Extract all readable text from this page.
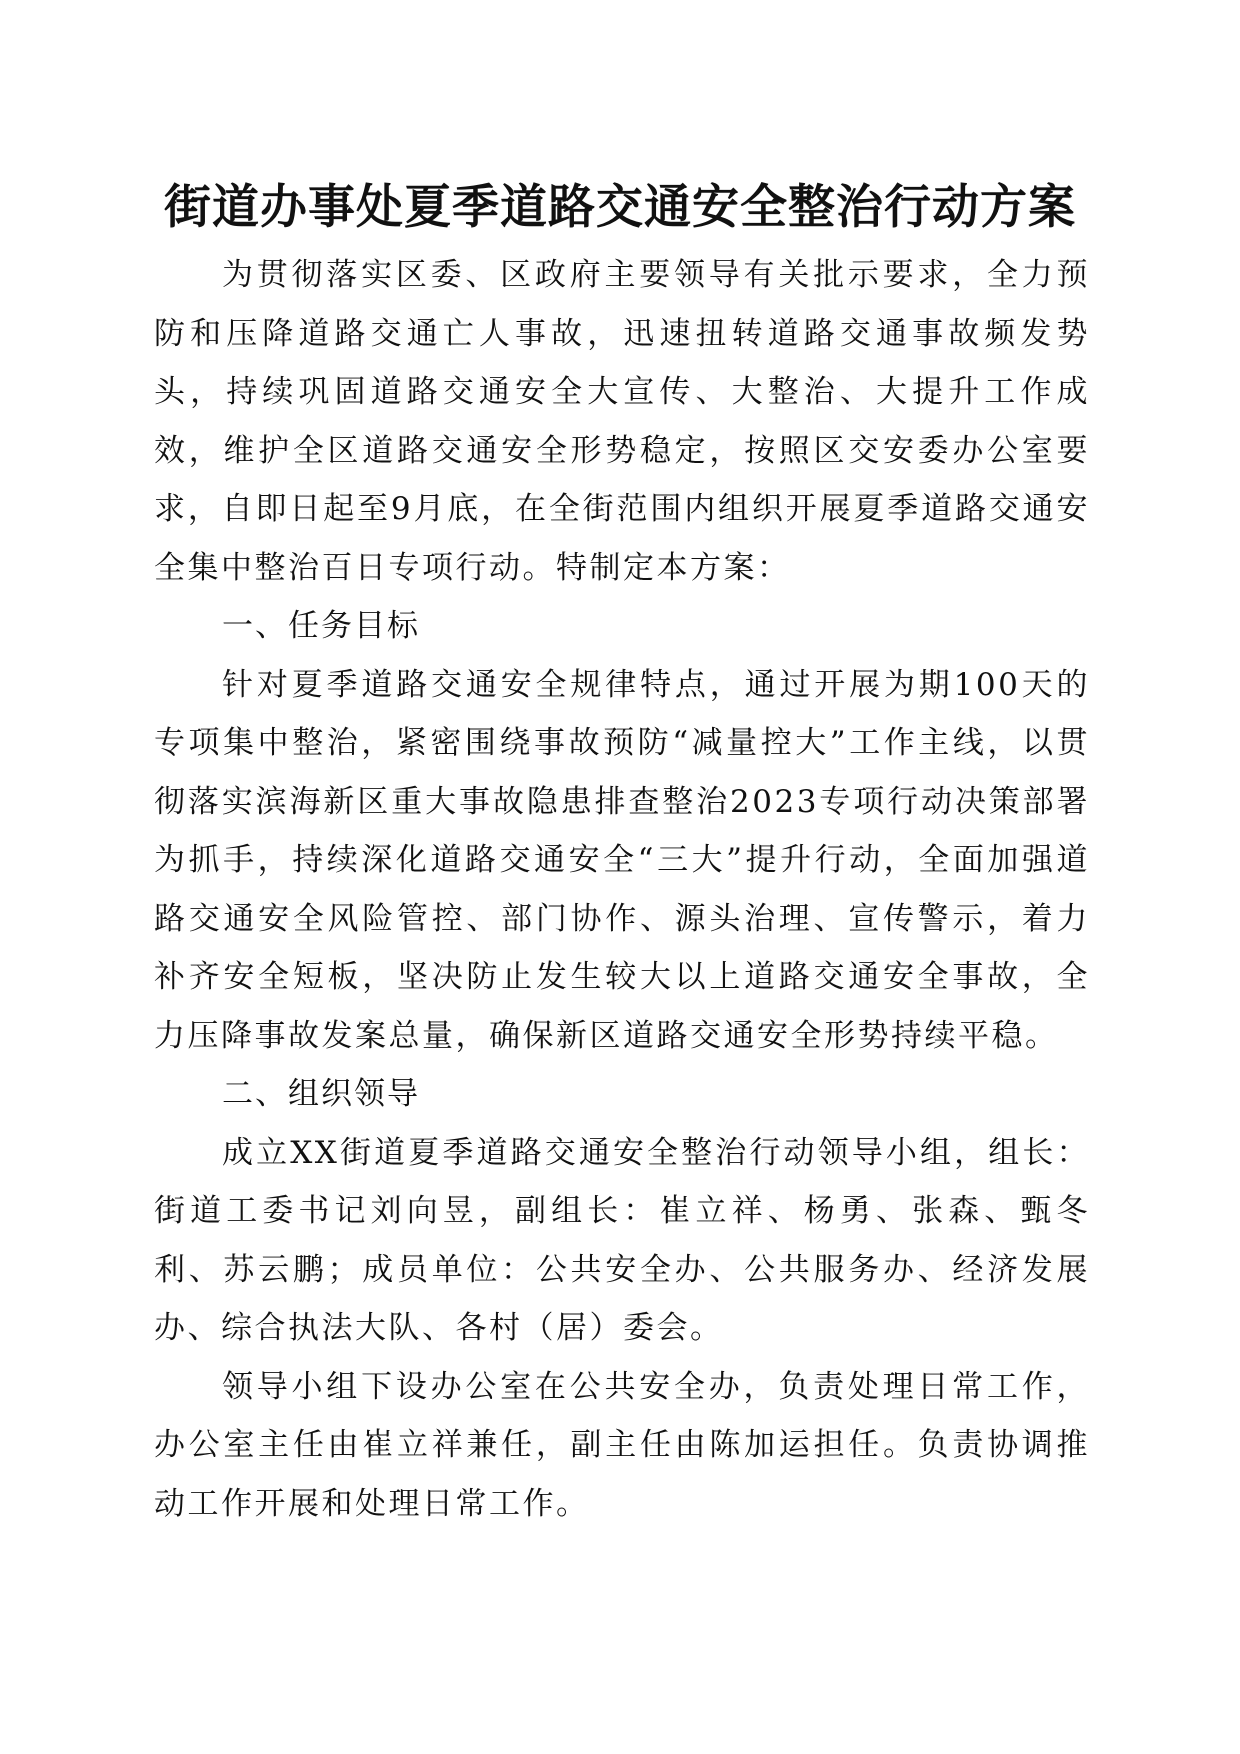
街道办事处夏季道路交通安全整治行动方案

为贯彻落实区委、区政府主要领导有关批示要求，全力预防和压降道路交通亡人事故，迅速扭转道路交通事故频发势头，持续巩固道路交通安全大宣传、大整治、大提升工作成效，维护全区道路交通安全形势稳定，按照区交安委办公室要求，自即日起至9月底，在全街范围内组织开展夏季道路交通安全集中整治百日专项行动。特制定本方案：

一、任务目标

针对夏季道路交通安全规律特点，通过开展为期100天的专项集中整治，紧密围绕事故预防“减量控大”工作主线，以贯彻落实滨海新区重大事故隐患排查整治2023专项行动决策部署为抓手，持续深化道路交通安全“三大”提升行动，全面加强道路交通安全风险管控、部门协作、源头治理、宣传警示，着力补齐安全短板，坚决防止发生较大以上道路交通安全事故，全力压降事故发案总量，确保新区道路交通安全形势持续平稳。

二、组织领导

成立XX街道夏季道路交通安全整治行动领导小组，组长：街道工委书记刘向昱，副组长：崔立祥、杨勇、张森、甄冬利、苏云鹏；成员单位：公共安全办、公共服务办、经济发展办、综合执法大队、各村（居）委会。

领导小组下设办公室在公共安全办，负责处理日常工作，办公室主任由崔立祥兼任，副主任由陈加运担任。负责协调推动工作开展和处理日常工作。
